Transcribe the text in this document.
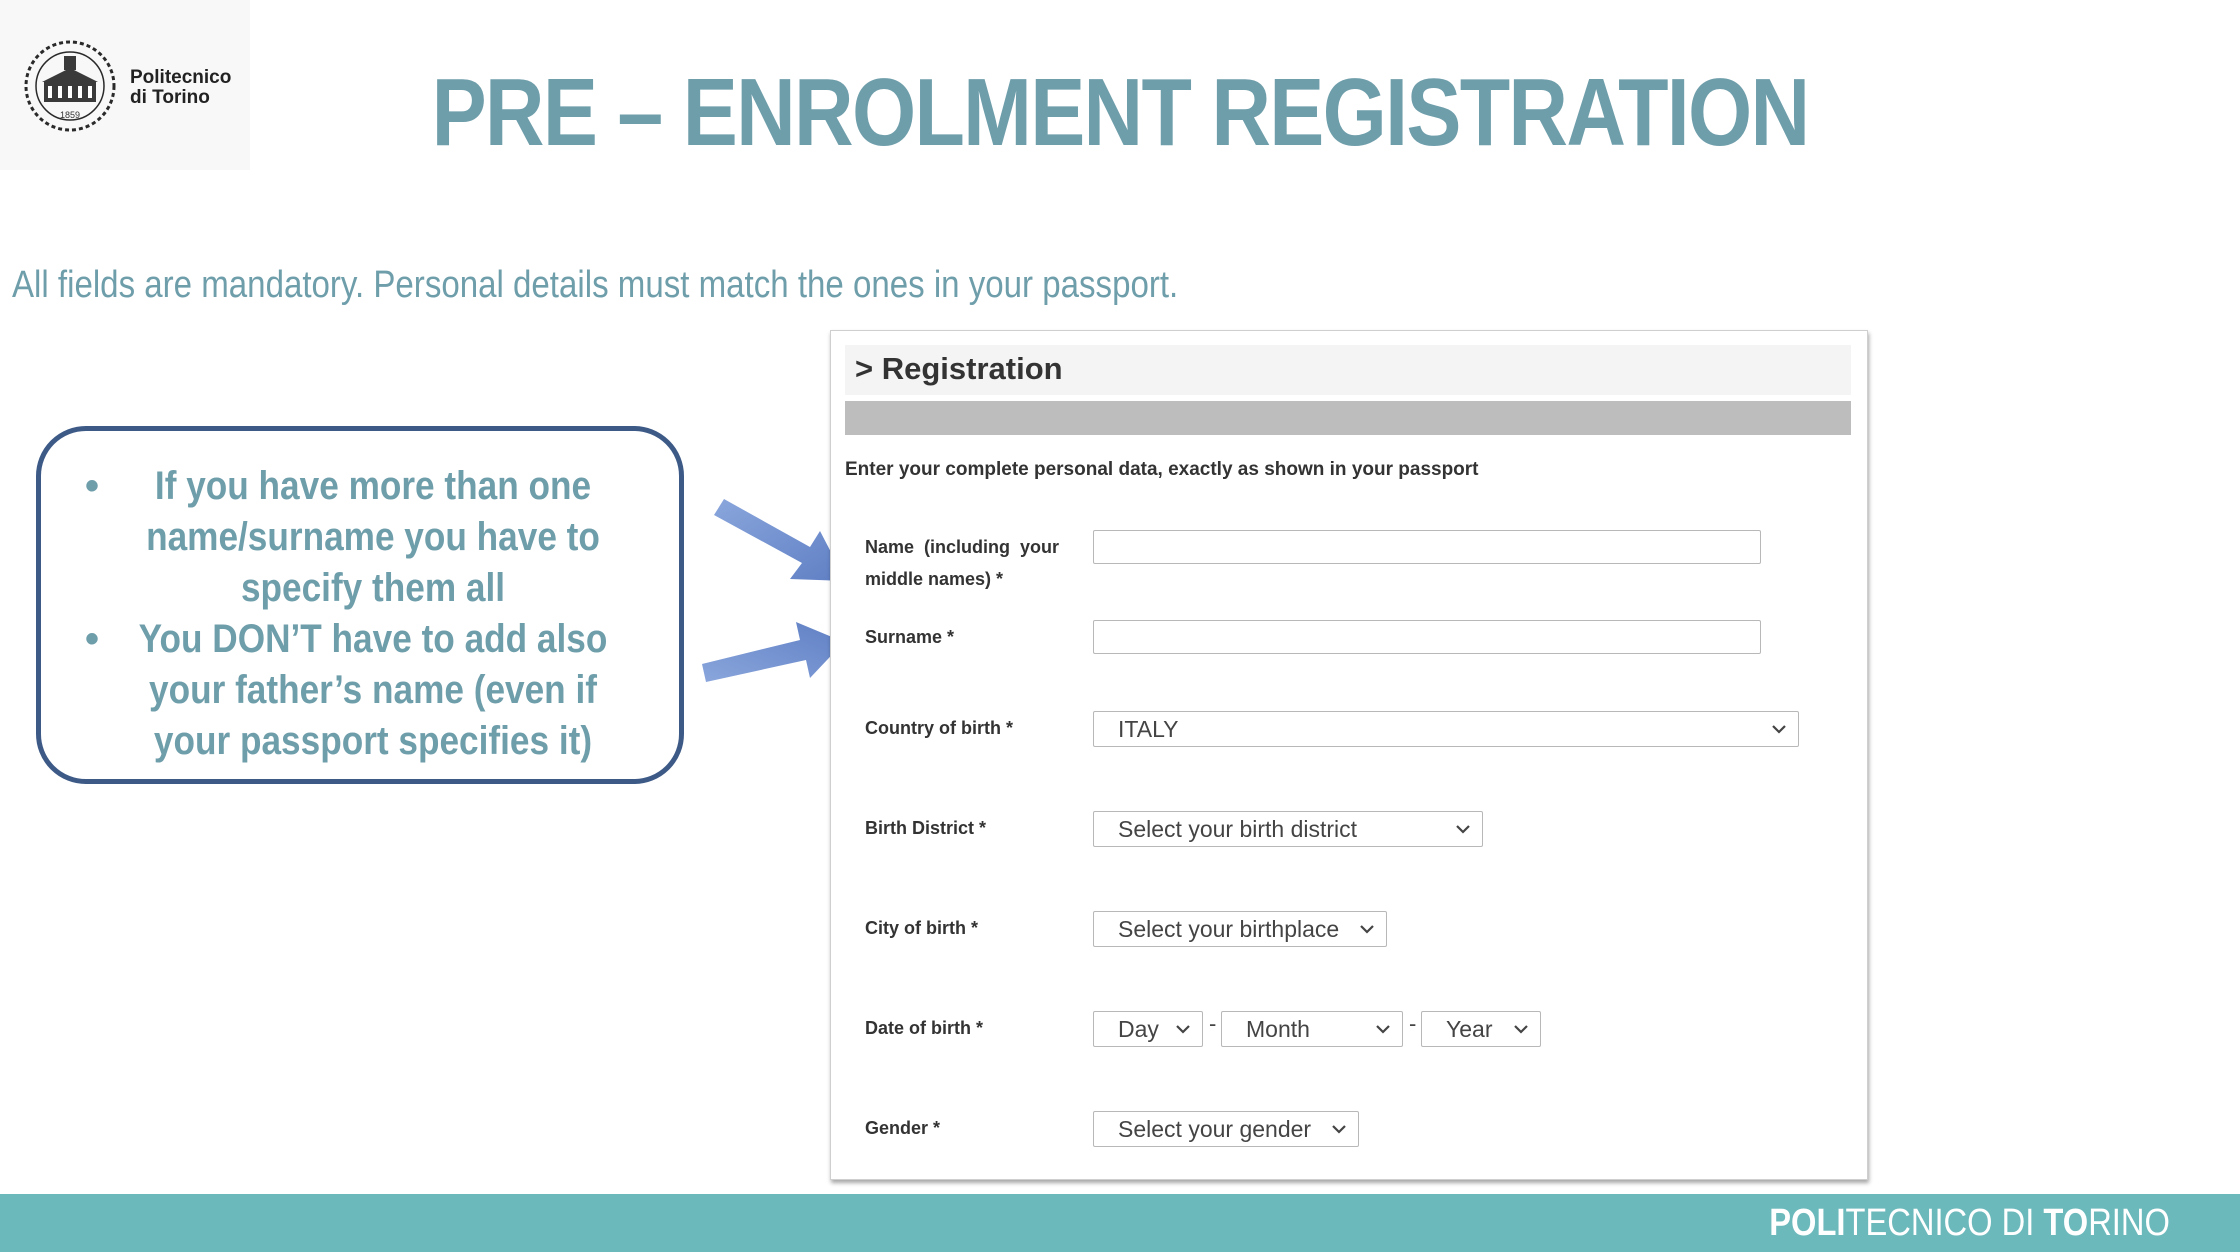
1859
Politecnico
di Torino	PRE – ENROLMENT REGISTRATION
All fields are mandatory. Personal details must match the ones in your passport.
• If you have more than one name/surname you have to specify them all
• You DON’T have to add also your father’s name (even if your passport specifies it)
> Registration
Enter your complete personal data, exactly as shown in your passport
Name  (including  your
middle names) *
Surname *
Country of birth *	ITALY
Birth District *	Select your birth district
City of birth *	Select your birthplace
Date of birth *	Day - Month	- Year
Gender *	Select your gender
POLITECNICO DI TORINO
